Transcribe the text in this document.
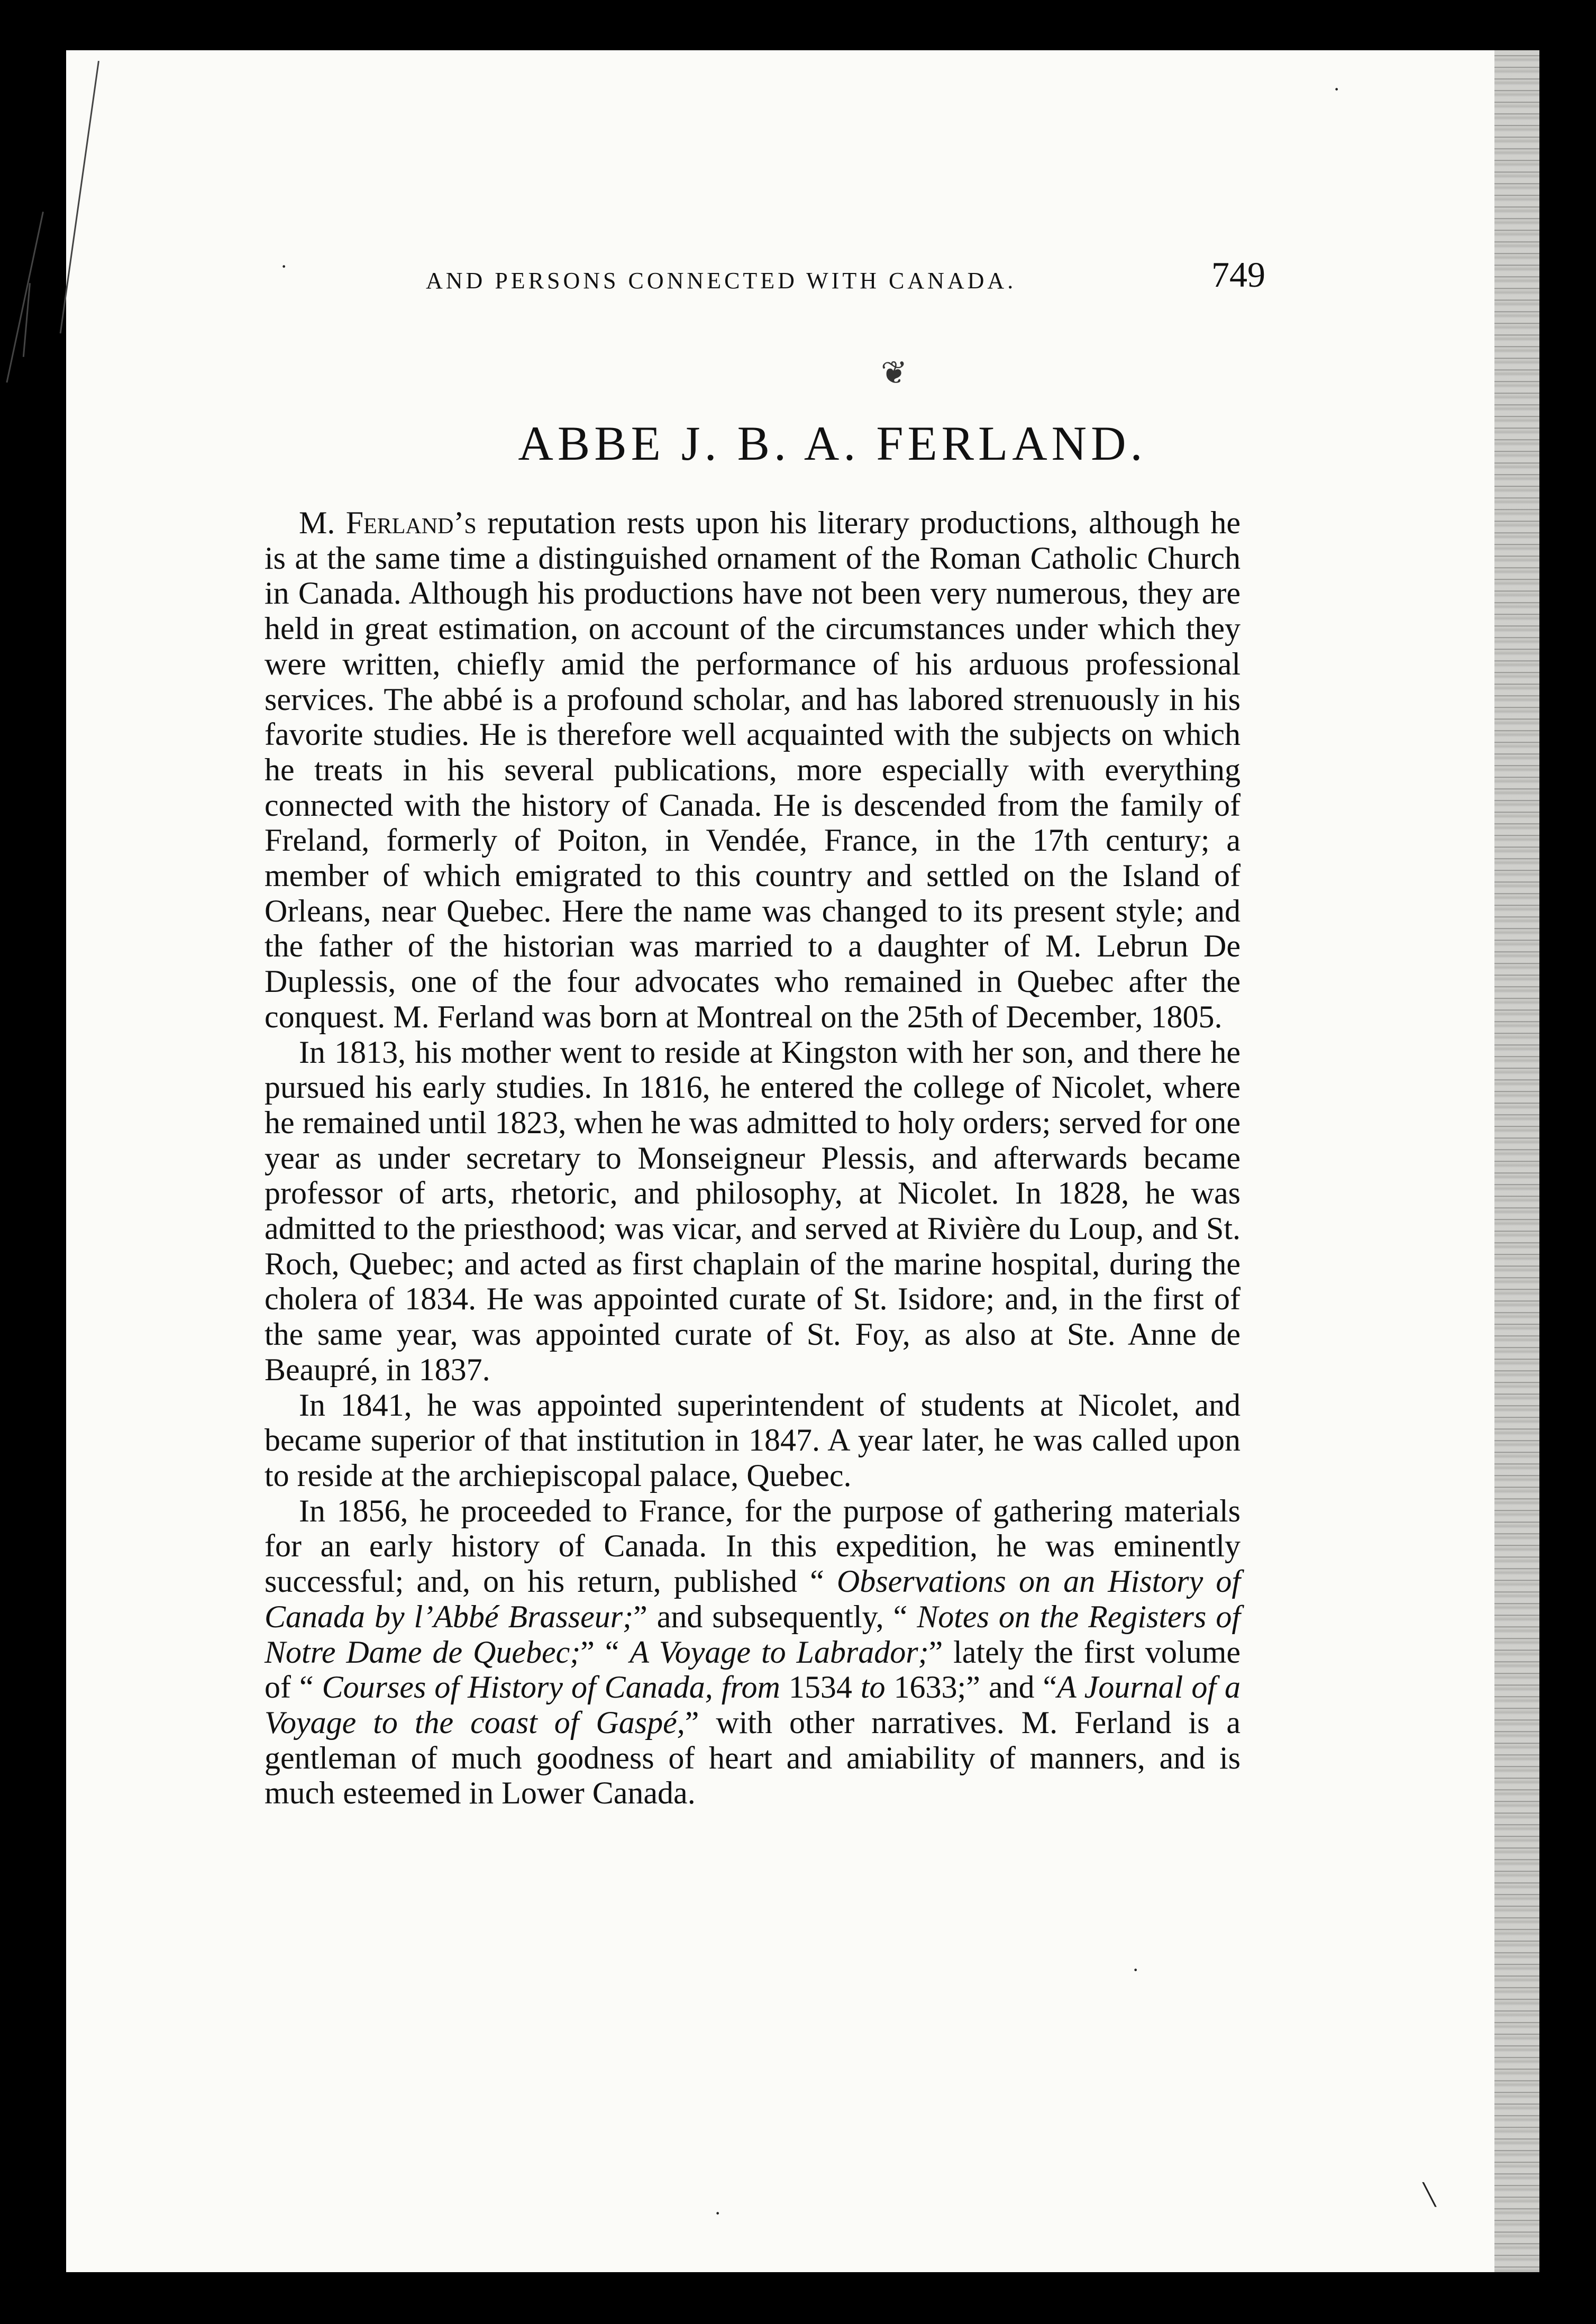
AND PERSONS CONNECTED WITH CANADA.	749
❦
ABBE J. B. A. FERLAND.

M. Ferland’s reputation rests upon his literary productions, although he is at the same time a distinguished ornament of the Roman Catholic Church in Canada. Although his productions have not been very numerous, they are held in great estimation, on account of the circumstances under which they were written, chiefly amid the performance of his arduous professional services. The abbé is a profound scholar, and has labored strenuously in his favorite studies. He is therefore well acquainted with the subjects on which he treats in his several publications, more especially with everything connected with the history of Canada. He is descended from the family of Freland, formerly of Poiton, in Vendée, France, in the 17th century; a member of which emigrated to this country and settled on the Island of Orleans, near Quebec. Here the name was changed to its present style; and the father of the historian was married to a daughter of M. Lebrun De Duplessis, one of the four advocates who remained in Quebec after the conquest. M. Ferland was born at Montreal on the 25th of December, 1805.

In 1813, his mother went to reside at Kingston with her son, and there he pursued his early studies. In 1816, he entered the college of Nicolet, where he remained until 1823, when he was admitted to holy orders; served for one year as under secretary to Monseigneur Plessis, and afterwards became professor of arts, rhetoric, and philosophy, at Nicolet. In 1828, he was admitted to the priesthood; was vicar, and served at Rivière du Loup, and St. Roch, Quebec; and acted as first chaplain of the marine hospital, during the cholera of 1834. He was appointed curate of St. Isidore; and, in the first of the same year, was appointed curate of St. Foy, as also at Ste. Anne de Beaupré, in 1837.

In 1841, he was appointed superintendent of students at Nicolet, and became superior of that institution in 1847. A year later, he was called upon to reside at the archiepiscopal palace, Quebec.

In 1856, he proceeded to France, for the purpose of gathering materials for an early history of Canada. In this expedition, he was eminently successful; and, on his return, published “ Observations on an History of Canada by l’Abbé Brasseur;” and subsequently, “ Notes on the Registers of Notre Dame de Quebec;” “ A Voyage to Labrador;” lately the first volume of “ Courses of History of Canada, from 1534 to 1633;” and “A Journal of a Voyage to the coast of Gaspé,” with other narratives. M. Ferland is a gentleman of much goodness of heart and amiability of manners, and is much esteemed in Lower Canada.

·
·
·
·
╲
